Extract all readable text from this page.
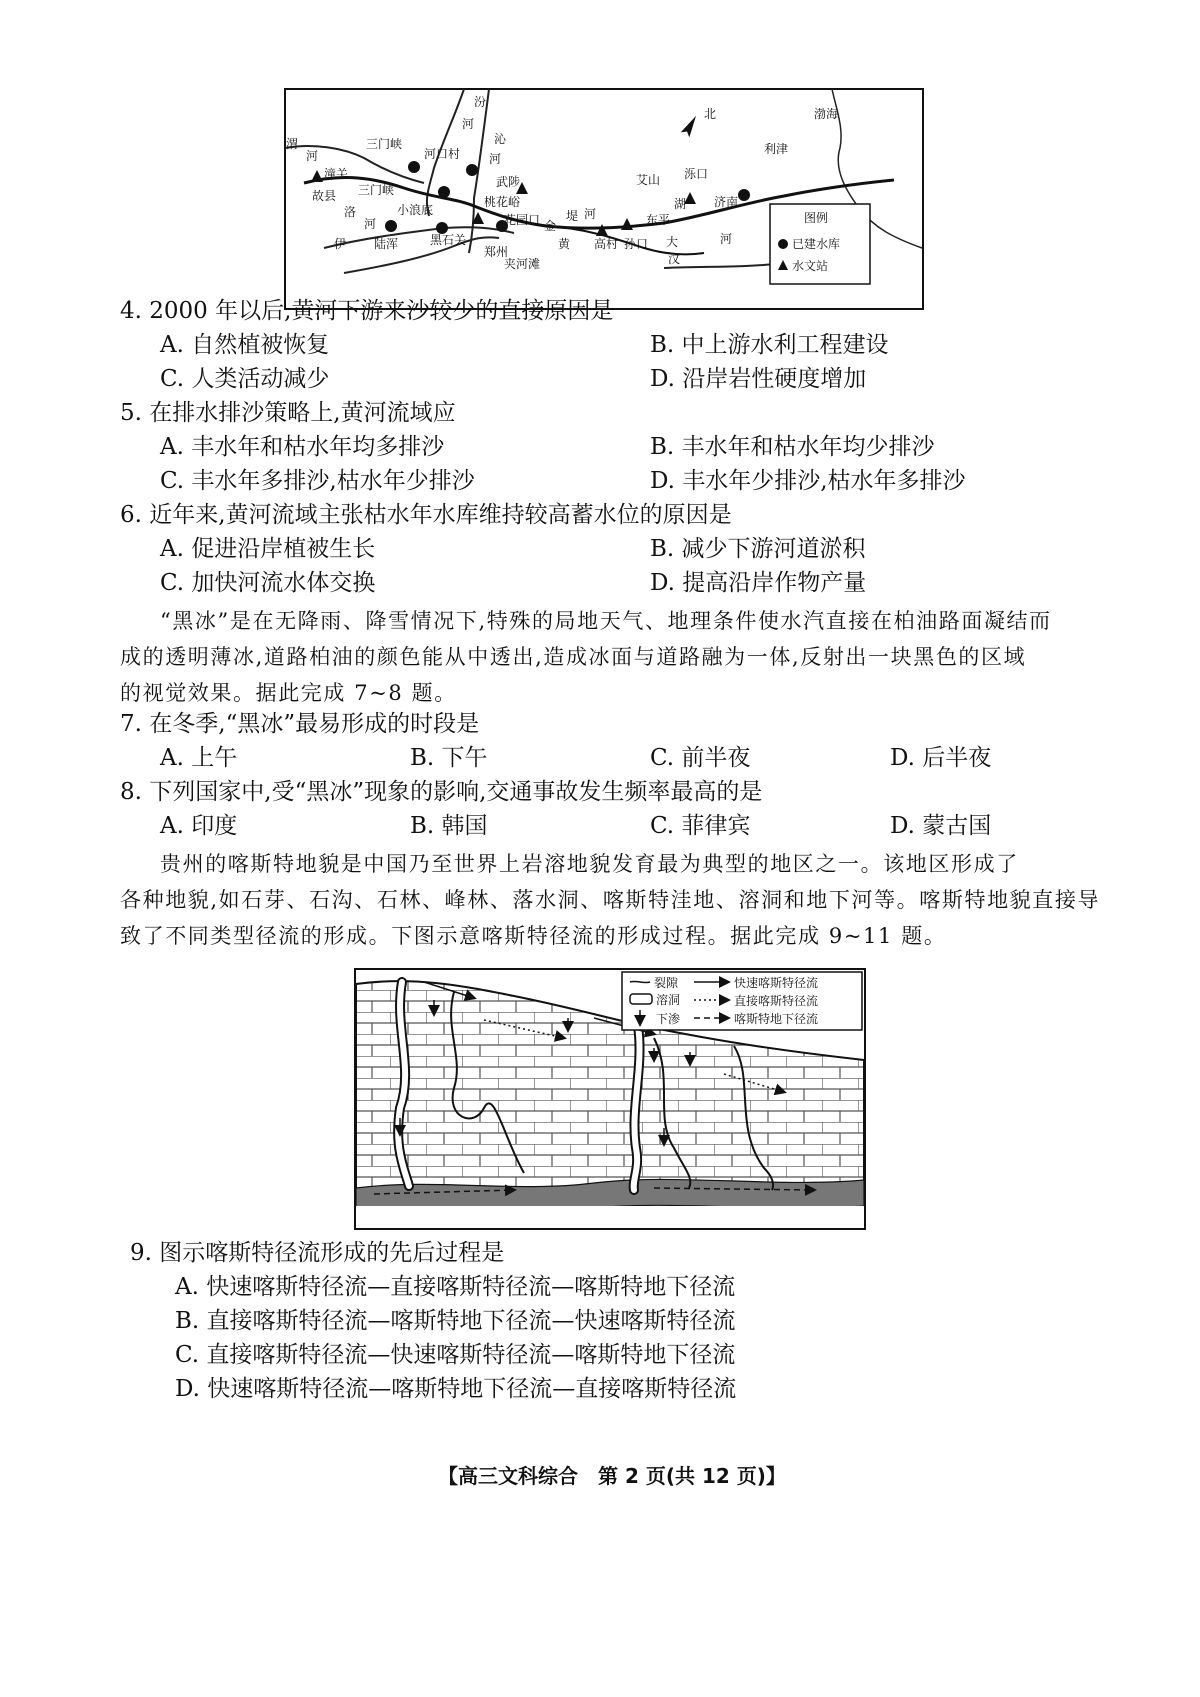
汾
河
沁
河
渭
河
潼关
三门峡
河口村
故县 三门峡
小浪底
洛
河
伊 陆浑	黑石关
郑州
武陟
桃花峪
花园口 金
堤 河
黄 高村 孙口
东平
湖
大
汶
河
夹河滩
艾山 泺口
济南
利津
渤海
北
图例
已建水库
水文站
4. 2000 年以后,黄河下游来沙较少的直接原因是
A. 自然植被恢复	B. 中上游水利工程建设
C. 人类活动减少	D. 沿岸岩性硬度增加
5. 在排水排沙策略上,黄河流域应
A. 丰水年和枯水年均多排沙	B. 丰水年和枯水年均少排沙
C. 丰水年多排沙,枯水年少排沙	D. 丰水年少排沙,枯水年多排沙
6. 近年来,黄河流域主张枯水年水库维持较高蓄水位的原因是
A. 促进沿岸植被生长	B. 减少下游河道淤积
C. 加快河流水体交换	D. 提高沿岸作物产量
“黑冰”是在无降雨、降雪情况下,特殊的局地天气、地理条件使水汽直接在柏油路面凝结而
成的透明薄冰,道路柏油的颜色能从中透出,造成冰面与道路融为一体,反射出一块黑色的区域
的视觉效果。据此完成 7~8 题。
7. 在冬季,“黑冰”最易形成的时段是
A. 上午	B. 下午	C. 前半夜	D. 后半夜
8. 下列国家中,受“黑冰”现象的影响,交通事故发生频率最高的是
A. 印度	B. 韩国	C. 菲律宾	D. 蒙古国
贵州的喀斯特地貌是中国乃至世界上岩溶地貌发育最为典型的地区之一。该地区形成了
各种地貌,如石芽、石沟、石林、峰林、落水洞、喀斯特洼地、溶洞和地下河等。喀斯特地貌直接导
致了不同类型径流的形成。下图示意喀斯特径流的形成过程。据此完成 9~11 题。
裂隙
溶洞
下渗
快速喀斯特径流
直接喀斯特径流
喀斯特地下径流
9. 图示喀斯特径流形成的先后过程是
A. 快速喀斯特径流—直接喀斯特径流—喀斯特地下径流
B. 直接喀斯特径流—喀斯特地下径流—快速喀斯特径流
C. 直接喀斯特径流—快速喀斯特径流—喀斯特地下径流
D. 快速喀斯特径流—喀斯特地下径流—直接喀斯特径流
【高三文科综合　第 2 页(共 12 页)】
